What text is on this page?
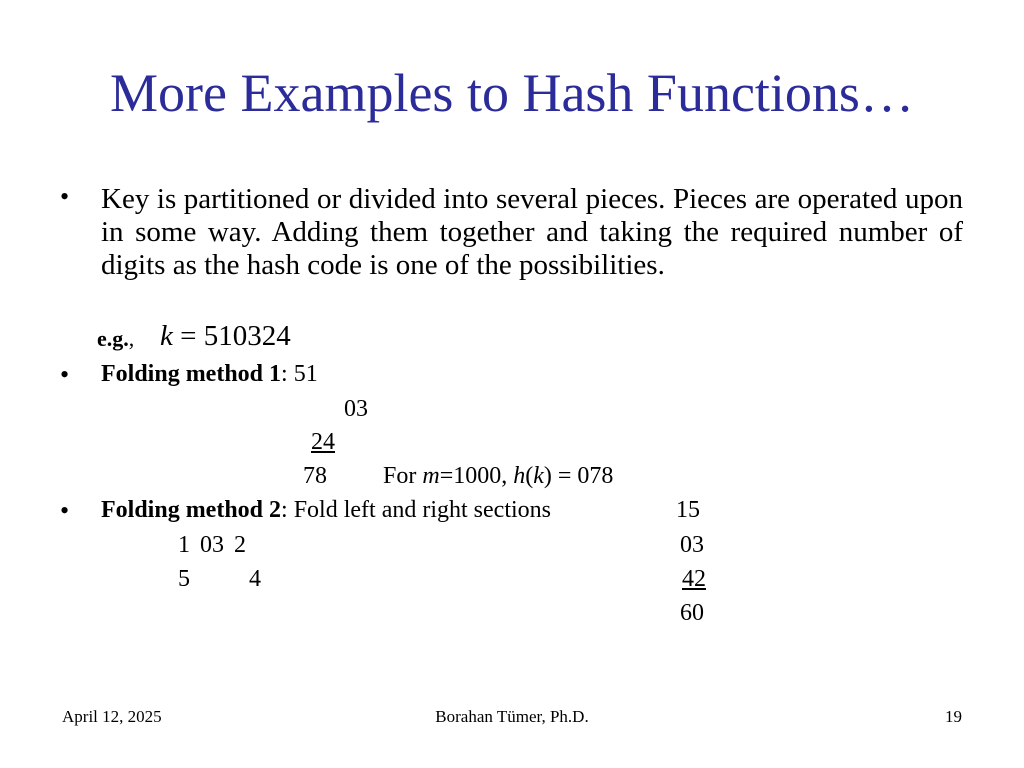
More Examples to Hash Functions…
• Key is partitioned or divided into several pieces. Pieces are operated upon in some way. Adding them together and taking the required number of digits as the hash code is one of the possibilities.
e.g., k = 510324
• Folding method 1: 51
03
24
78 For m=1000, h(k) = 078
• Folding method 2: Fold left and right sections	15
1 03 2	03
5 4	42
60
April 12, 2025	Borahan Tümer, Ph.D.	19
